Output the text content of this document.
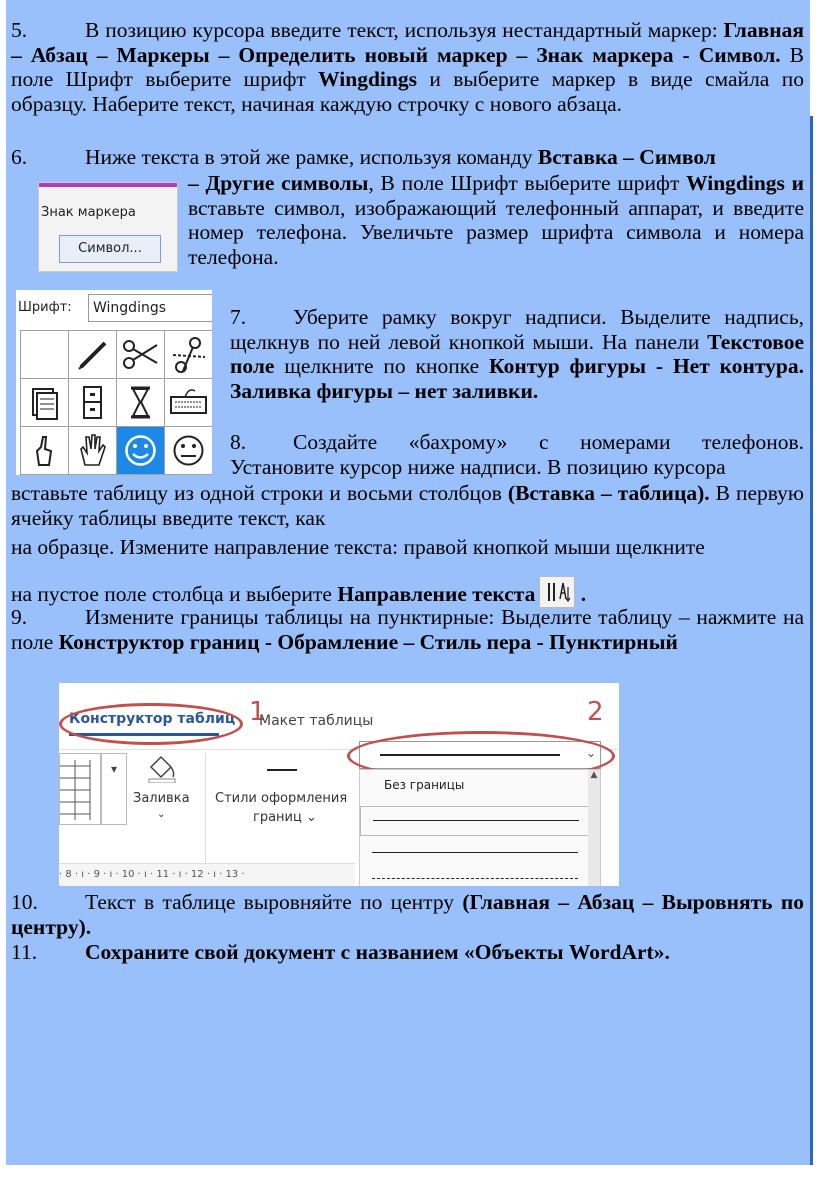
5.	В позицию курсора введите текст, используя нестандартный маркер: Главная – Абзац – Маркеры – Определить новый маркер – Знак маркера - Символ. В поле Шрифт выберите шрифт Wingdings и выберите маркер в виде смайла по образцу. Наберите текст, начиная каждую строчку с нового абзаца.
6.	Ниже текста в этой же рамке, используя команду Вставка – Символ
– Другие символы, В поле Шрифт выберите шрифт Wingdings и вставьте символ, изображающий телефонный аппарат, и введите номер телефона. Увеличьте размер шрифта символа и номера телефона.
Знак маркера
Символ...
Шрифт:	Wingdings	7. Уберите рамку вокруг надписи. Выделите надпись, щелкнув по ней левой кнопкой мыши. На панели Текстовое поле щелкните по кнопке Контур фигуры - Нет контура. Заливка фигуры – нет заливки.
8. Создайте «бахрому» с номерами телефонов. Установите курсор ниже надписи. В позицию курсора
вставьте таблицу из одной строки и восьми столбцов (Вставка – таблица). В первую ячейку таблицы введите текст, как
на образце. Измените направление текста: правой кнопкой мыши щелкните
на пустое поле столбца и выберите Направление текста .
9.	Измените границы таблицы на пунктирные: Выделите таблицу – нажмите на поле Конструктор границ - Обрамление – Стиль пера - Пунктирный
Конструктор таблиц 1
Макет таблицы	2
▾
Заливка
⌄
Стили оформления
границ ⌄
⌄
Без границы
▲
· 8 · ı · 9 · ı · 10 · ı · 11 · ı · 12 · ı · 13 ·
10. Текст в таблице выровняйте по центру (Главная – Абзац – Выровнять по центру).
11. Сохраните свой документ с названием «Объекты WordArt».
